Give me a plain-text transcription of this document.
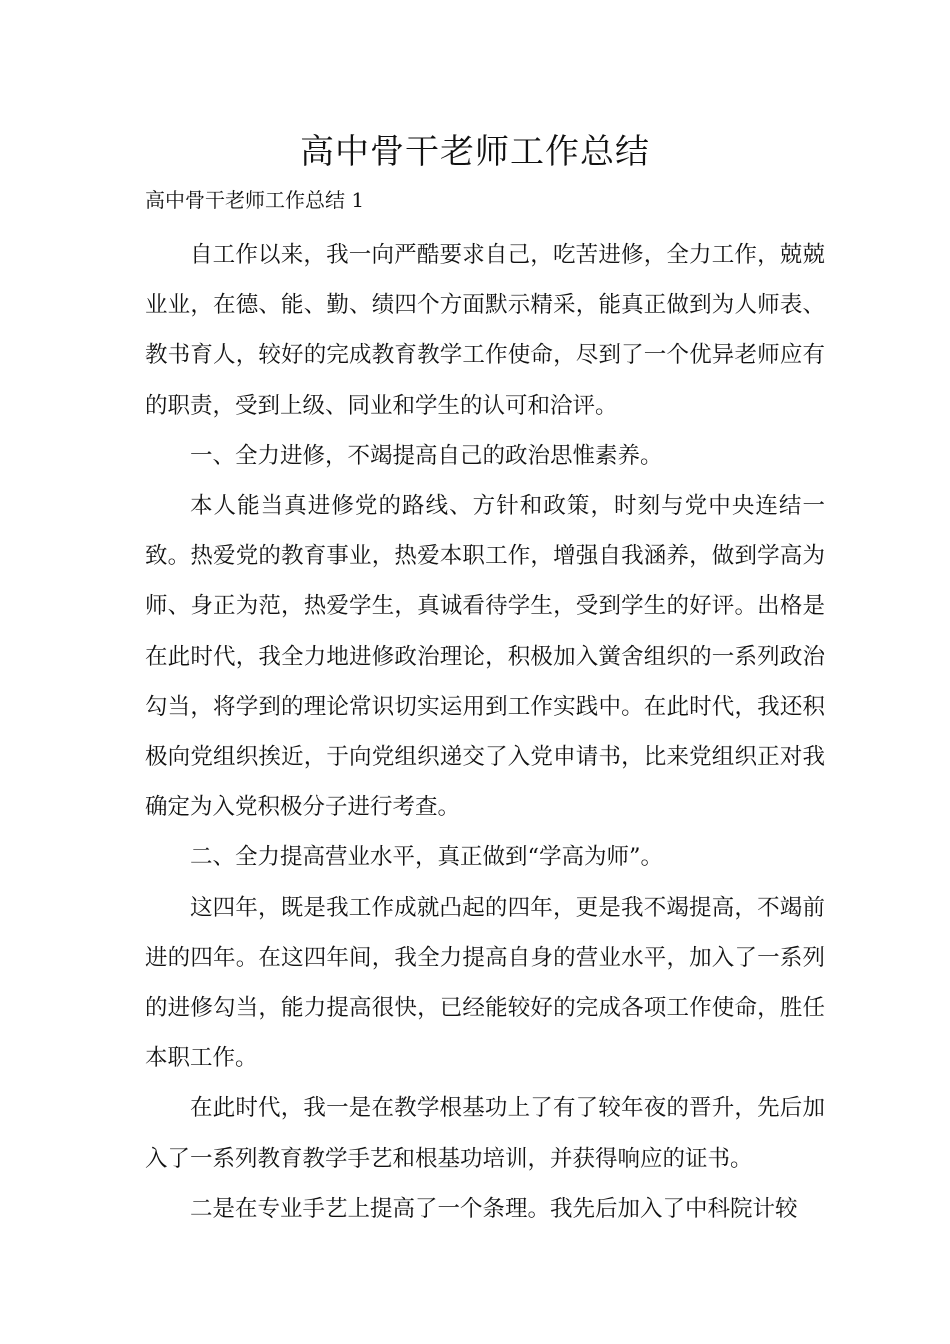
高中骨干老师工作总结

高中骨干老师工作总结 1

自工作以来，我一向严酷要求自己，吃苦进修，全力工作，兢兢业业，在德、能、勤、绩四个方面默示精采，能真正做到为人师表、教书育人，较好的完成教育教学工作使命，尽到了一个优异老师应有的职责，受到上级、同业和学生的认可和洽评。

一、全力进修，不竭提高自己的政治思惟素养。

本人能当真进修党的路线、方针和政策，时刻与党中央连结一致。热爱党的教育事业，热爱本职工作，增强自我涵养，做到学高为师、身正为范，热爱学生，真诚看待学生，受到学生的好评。出格是在此时代，我全力地进修政治理论，积极加入黉舍组织的一系列政治勾当，将学到的理论常识切实运用到工作实践中。在此时代，我还积极向党组织挨近，于向党组织递交了入党申请书，比来党组织正对我确定为入党积极分子进行考查。

二、全力提高营业水平，真正做到“学高为师”。

这四年，既是我工作成就凸起的四年，更是我不竭提高，不竭前进的四年。在这四年间，我全力提高自身的营业水平，加入了一系列的进修勾当，能力提高很快，已经能较好的完成各项工作使命，胜任本职工作。

在此时代，我一是在教学根基功上了有了较年夜的晋升，先后加入了一系列教育教学手艺和根基功培训，并获得响应的证书。

二是在专业手艺上提高了一个条理。我先后加入了中科院计较
